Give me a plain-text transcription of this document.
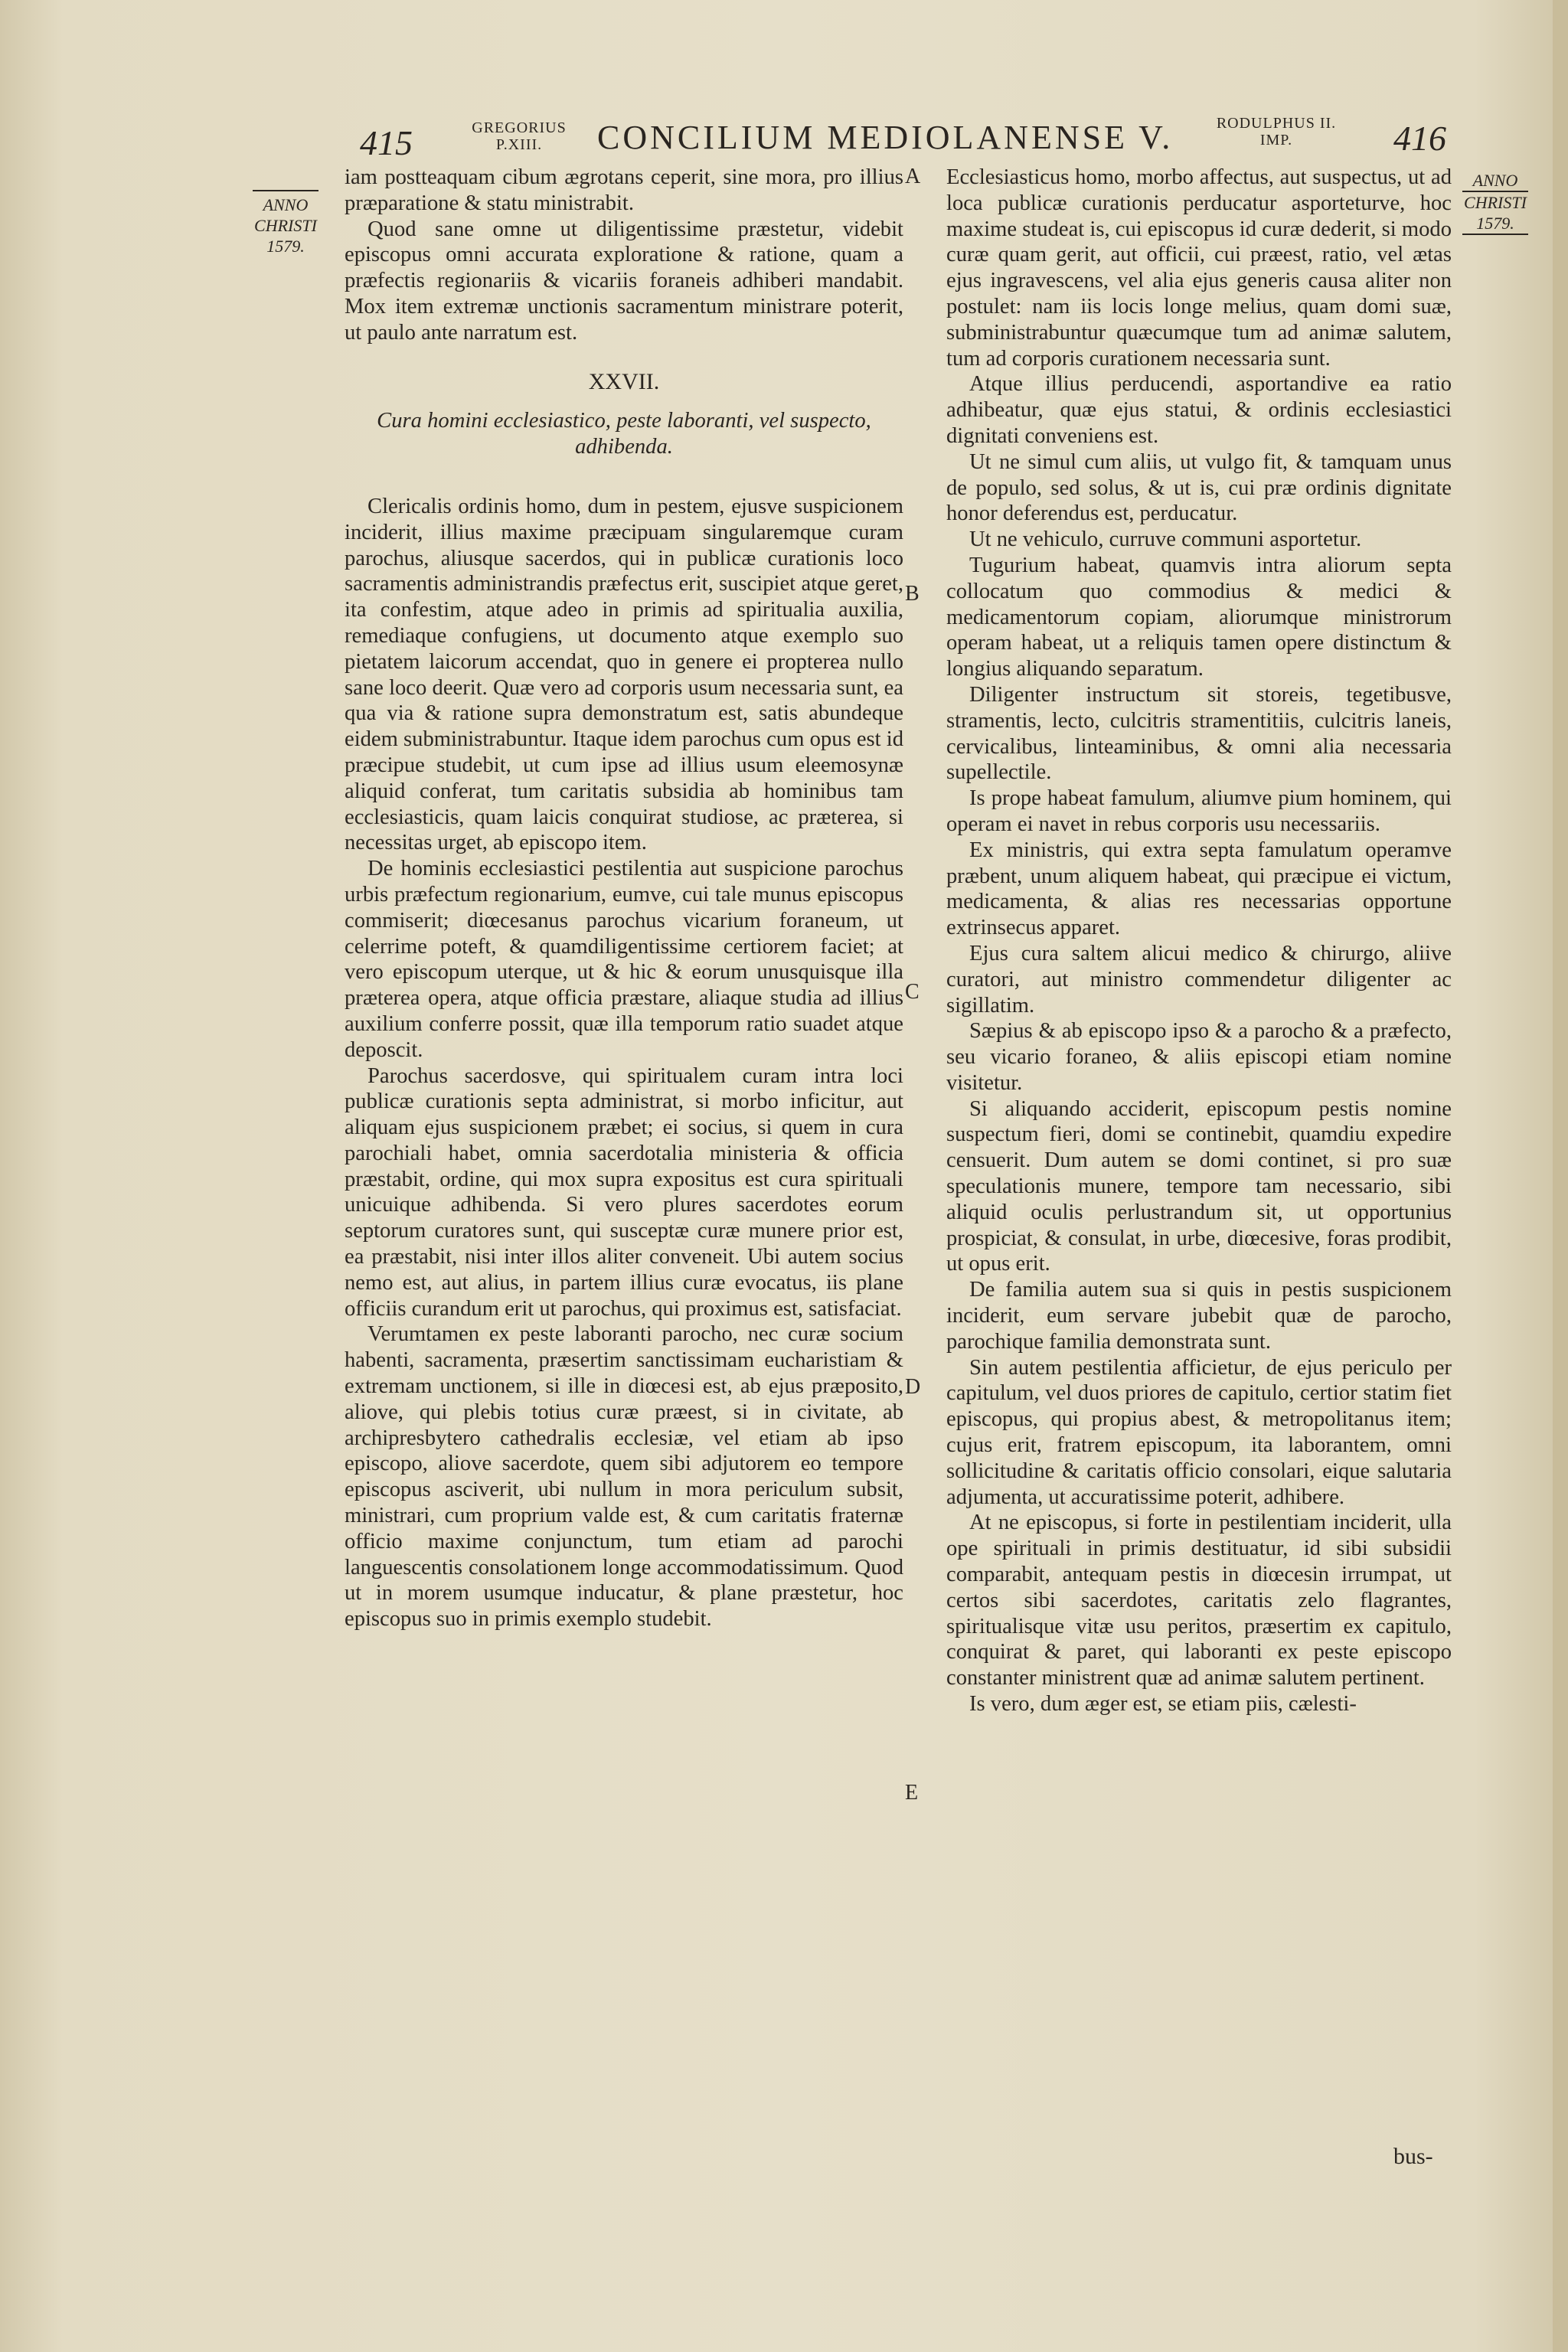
415	GREGORIUS P.XIII.	CONCILIUM MEDIOLANENSE V.	RODULPHUS II. IMP.	416
ANNO
CHRISTI
1579.
ANNO
CHRISTI
1579.
A
B
C
D
E

iam postteaquam cibum ægrotans ceperit, sine mora, pro illius præparatione & statu ministrabit.

Quod sane omne ut diligentissime præstetur, videbit episcopus omni accurata exploratione & ratione, quam a præfectis regionariis & vicariis foraneis adhiberi mandabit. Mox item extremæ unctionis sacramentum ministrare poterit, ut paulo ante narratum est.

XXVII.

Cura homini ecclesiastico, peste laboranti, vel suspecto, adhibenda.

Clericalis ordinis homo, dum in pestem, ejusve suspicionem inciderit, illius maxime præcipuam singularemque curam parochus, aliusque sacerdos, qui in publicæ curationis loco sacramentis administrandis præfectus erit, suscipiet atque geret, ita confestim, atque adeo in primis ad spiritualia auxilia, remediaque confugiens, ut documento atque exemplo suo pietatem laicorum accendat, quo in genere ei propterea nullo sane loco deerit. Quæ vero ad corporis usum necessaria sunt, ea qua via & ratione supra demonstratum est, satis abundeque eidem subministrabuntur. Itaque idem parochus cum opus est id præcipue studebit, ut cum ipse ad illius usum eleemosynæ aliquid conferat, tum caritatis subsidia ab hominibus tam ecclesiasticis, quam laicis conquirat studiose, ac præterea, si necessitas urget, ab episcopo item.

De hominis ecclesiastici pestilentia aut suspicione parochus urbis præfectum regionarium, eumve, cui tale munus episcopus commiserit; diœcesanus parochus vicarium foraneum, ut celerrime poteft, & quamdiligentissime certiorem faciet; at vero episcopum uterque, ut & hic & eorum unusquisque illa præterea opera, atque officia præstare, aliaque studia ad illius auxilium conferre possit, quæ illa temporum ratio suadet atque deposcit.

Parochus sacerdosve, qui spiritualem curam intra loci publicæ curationis septa administrat, si morbo inficitur, aut aliquam ejus suspicionem præbet; ei socius, si quem in cura parochiali habet, omnia sacerdotalia ministeria & officia præstabit, ordine, qui mox supra expositus est cura spirituali unicuique adhibenda. Si vero plures sacerdotes eorum septorum curatores sunt, qui susceptæ curæ munere prior est, ea præstabit, nisi inter illos aliter conveneit. Ubi autem socius nemo est, aut alius, in partem illius curæ evocatus, iis plane officiis curandum erit ut parochus, qui proximus est, satisfaciat.

Verumtamen ex peste laboranti parocho, nec curæ socium habenti, sacramenta, præsertim sanctissimam eucharistiam & extremam unctionem, si ille in diœcesi est, ab ejus præposito, aliove, qui plebis totius curæ præest, si in civitate, ab archipresbytero cathedralis ecclesiæ, vel etiam ab ipso episcopo, aliove sacerdote, quem sibi adjutorem eo tempore episcopus asciverit, ubi nullum in mora periculum subsit, ministrari, cum proprium valde est, & cum caritatis fraternæ officio maxime conjunctum, tum etiam ad parochi languescentis consolationem longe accommodatissimum. Quod ut in morem usumque inducatur, & plane præstetur, hoc episcopus suo in primis exemplo studebit.

Ecclesiasticus homo, morbo affectus, aut suspectus, ut ad loca publicæ curationis perducatur asporteturve, hoc maxime studeat is, cui episcopus id curæ dederit, si modo curæ quam gerit, aut officii, cui præest, ratio, vel ætas ejus ingravescens, vel alia ejus generis causa aliter non postulet: nam iis locis longe melius, quam domi suæ, subministrabuntur quæcumque tum ad animæ salutem, tum ad corporis curationem necessaria sunt.

Atque illius perducendi, asportandive ea ratio adhibeatur, quæ ejus statui, & ordinis ecclesiastici dignitati conveniens est.

Ut ne simul cum aliis, ut vulgo fit, & tamquam unus de populo, sed solus, & ut is, cui præ ordinis dignitate honor deferendus est, perducatur.

Ut ne vehiculo, curruve communi asportetur.

Tugurium habeat, quamvis intra aliorum septa collocatum quo commodius & medici & medicamentorum copiam, aliorumque ministrorum operam habeat, ut a reliquis tamen opere distinctum & longius aliquando separatum.

Diligenter instructum sit storeis, tegetibusve, stramentis, lecto, culcitris stramentitiis, culcitris laneis, cervicalibus, linteaminibus, & omni alia necessaria supellectile.

Is prope habeat famulum, aliumve pium hominem, qui operam ei navet in rebus corporis usu necessariis.

Ex ministris, qui extra septa famulatum operamve præbent, unum aliquem habeat, qui præcipue ei victum, medicamenta, & alias res necessarias opportune extrinsecus apparet.

Ejus cura saltem alicui medico & chirurgo, aliive curatori, aut ministro commendetur diligenter ac sigillatim.

Sæpius & ab episcopo ipso & a parocho & a præfecto, seu vicario foraneo, & aliis episcopi etiam nomine visitetur.

Si aliquando acciderit, episcopum pestis nomine suspectum fieri, domi se continebit, quamdiu expedire censuerit. Dum autem se domi continet, si pro suæ speculationis munere, tempore tam necessario, sibi aliquid oculis perlustrandum sit, ut opportunius prospiciat, & consulat, in urbe, diœcesive, foras prodibit, ut opus erit.

De familia autem sua si quis in pestis suspicionem inciderit, eum servare jubebit quæ de parocho, parochique familia demonstrata sunt.

Sin autem pestilentia afficietur, de ejus periculo per capitulum, vel duos priores de capitulo, certior statim fiet episcopus, qui propius abest, & metropolitanus item; cujus erit, fratrem episcopum, ita laborantem, omni sollicitudine & caritatis officio consolari, eique salutaria adjumenta, ut accuratissime poterit, adhibere.

At ne episcopus, si forte in pestilentiam inciderit, ulla ope spirituali in primis destituatur, id sibi subsidii comparabit, antequam pestis in diœcesin irrumpat, ut certos sibi sacerdotes, caritatis zelo flagrantes, spiritualisque vitæ usu peritos, præsertim ex capitulo, conquirat & paret, qui laboranti ex peste episcopo constanter ministrent quæ ad animæ salutem pertinent.

Is vero, dum æger est, se etiam piis, cælesti-

bus-
